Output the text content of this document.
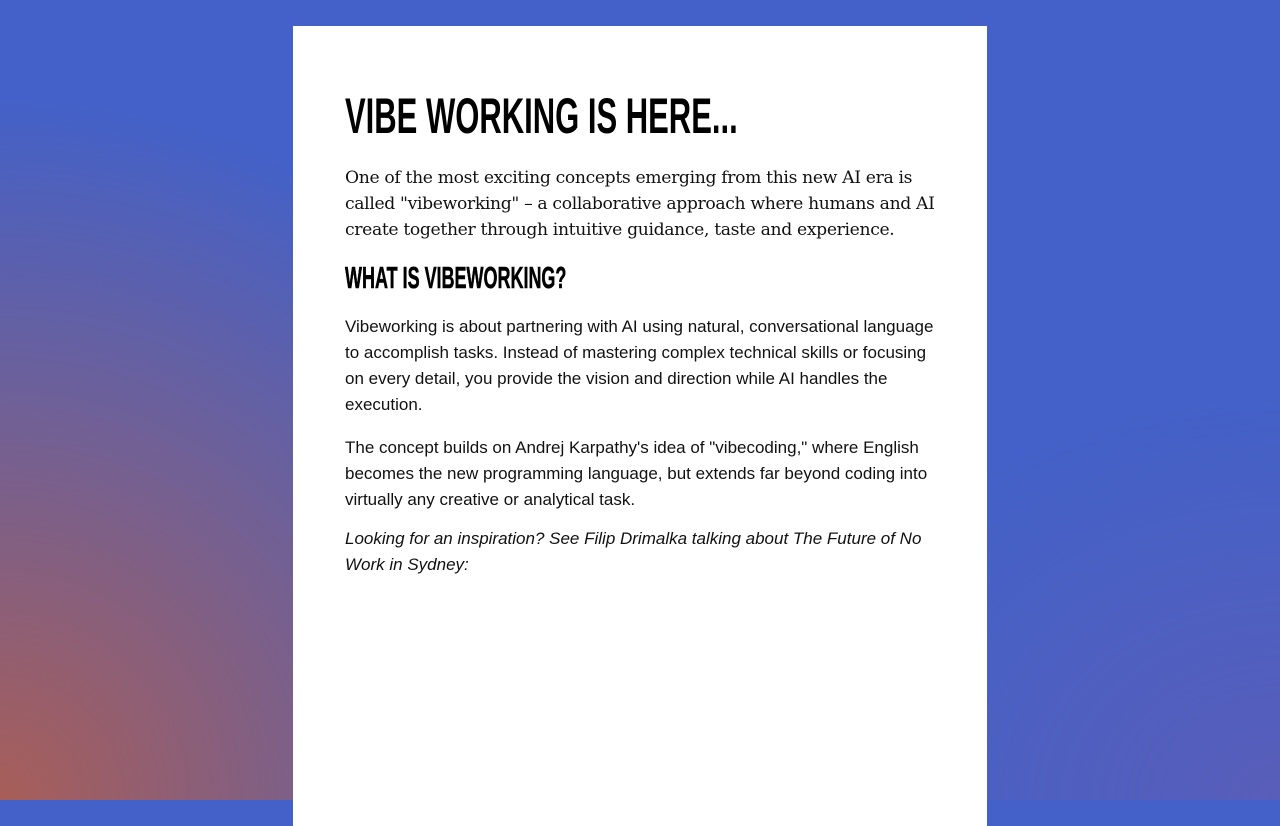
VIBE WORKING IS HERE...

One of the most exciting concepts emerging from this new AI era is called "vibeworking" – a collaborative approach where humans and AI create together through intuitive guidance, taste and experience.

WHAT IS VIBEWORKING?

Vibeworking is about partnering with AI using natural, conversational language to accomplish tasks. Instead of mastering complex technical skills or focusing on every detail, you provide the vision and direction while AI handles the execution.

The concept builds on Andrej Karpathy's idea of "vibecoding," where English becomes the new programming language, but extends far beyond coding into virtually any creative or analytical task.

Looking for an inspiration? See Filip Drimalka talking about The Future of No Work in Sydney:
